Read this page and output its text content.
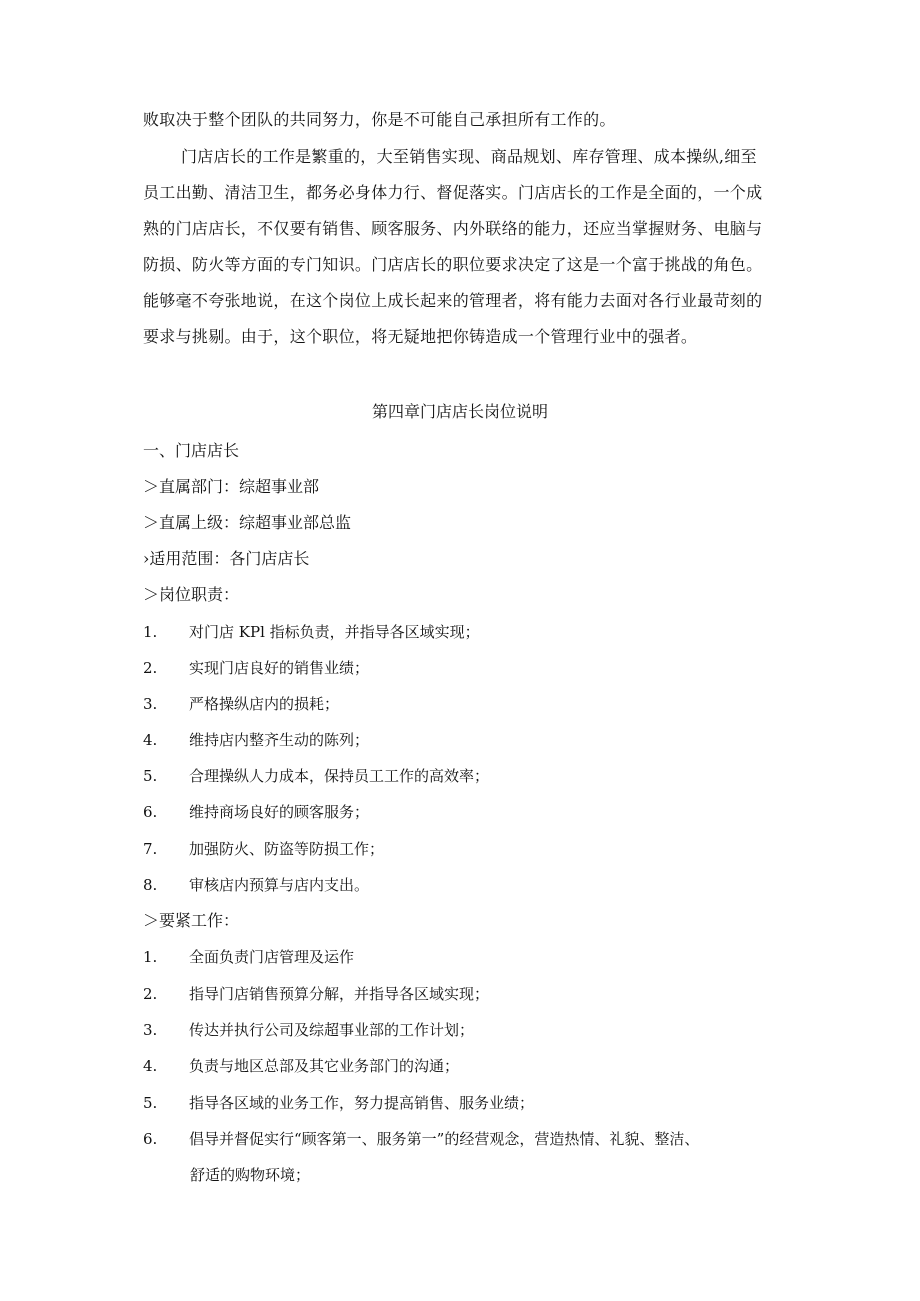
败取决于整个团队的共同努力，你是不可能自己承担所有工作的。
门店店长的工作是繁重的，大至销售实现、商品规划、库存管理、成本操纵,细至
员工出勤、清洁卫生，都务必身体力行、督促落实。门店店长的工作是全面的，一个成
熟的门店店长，不仅要有销售、顾客服务、内外联络的能力，还应当掌握财务、电脑与
防损、防火等方面的专门知识。门店店长的职位要求决定了这是一个富于挑战的角色。
能够毫不夸张地说，在这个岗位上成长起来的管理者，将有能力去面对各行业最苛刻的
要求与挑剔。由于，这个职位，将无疑地把你铸造成一个管理行业中的强者。
第四章门店店长岗位说明
一、门店店长
＞直属部门：综超事业部
＞直属上级：综超事业部总监
›适用范围：各门店店长
＞岗位职责：
1. 对门店 KPl 指标负责，并指导各区域实现；
2. 实现门店良好的销售业绩；
3. 严格操纵店内的损耗；
4. 维持店内整齐生动的陈列；
5. 合理操纵人力成本，保持员工工作的高效率；
6. 维持商场良好的顾客服务；
7. 加强防火、防盗等防损工作；
8. 审核店内预算与店内支出。
＞要紧工作：
1. 全面负责门店管理及运作
2. 指导门店销售预算分解，并指导各区域实现；
3. 传达并执行公司及综超事业部的工作计划；
4. 负责与地区总部及其它业务部门的沟通；
5. 指导各区域的业务工作，努力提高销售、服务业绩；
6. 倡导并督促实行“顾客第一、服务第一”的经营观念，营造热情、礼貌、整洁、
舒适的购物环境；
